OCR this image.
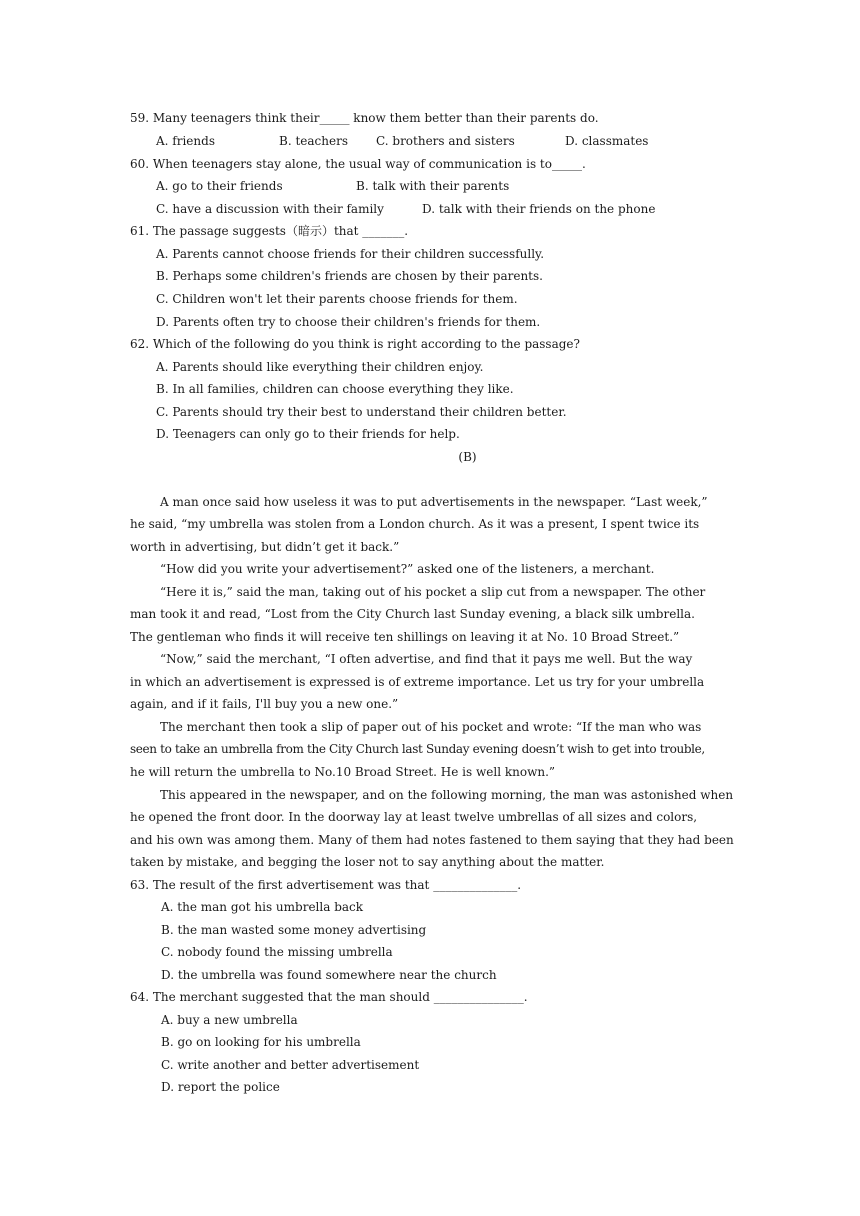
59. Many teenagers think their_____ know them better than their parents do.

A. friends

	B. teachers

C. brothers and sisters

	D. classmates

60. When teenagers stay alone, the usual way of communication is to_____.

A. go to their friends

	B. talk with their parents

C. have a discussion with their family

	D. talk with their friends on the phone

61. The passage suggests（暗示）that _______.
A. Parents cannot choose friends for their children successfully.
B. Perhaps some children's friends are chosen by their parents.
C. Children won't let their parents choose friends for them.
D. Parents often try to choose their children's friends for them.
62. Which of the following do you think is right according to the passage?
A. Parents should like everything their children enjoy.
B. In all families, children can choose everything they like.
C. Parents should try their best to understand their children better.
D. Teenagers can only go to their friends for help.
(B)
A man once said how useless it was to put advertisements in the newspaper. “Last week,”
he said, “my umbrella was stolen from a London church. As it was a present, I spent twice its
worth in advertising, but didn’t get it back.”
“How did you write your advertisement?” asked one of the listeners, a merchant.
“Here it is,” said the man, taking out of his pocket a slip cut from a newspaper. The other
man took it and read, “Lost from the City Church last Sunday evening, a black silk umbrella.
The gentleman who finds it will receive ten shillings on leaving it at No. 10 Broad Street.”
“Now,” said the merchant, “I often advertise, and find that it pays me well. But the way
in which an advertisement is expressed is of extreme importance. Let us try for your umbrella
again, and if it fails, I'll buy you a new one.”
The merchant then took a slip of paper out of his pocket and wrote: “If the man who was
seen to take an umbrella from the City Church last Sunday evening doesn’t wish to get into trouble,
he will return the umbrella to No.10 Broad Street. He is well known.”
This appeared in the newspaper, and on the following morning, the man was astonished when
he opened the front door. In the doorway lay at least twelve umbrellas of all sizes and colors,
and his own was among them. Many of them had notes fastened to them saying that they had been
taken by mistake, and begging the loser not to say anything about the matter.
63. The result of the first advertisement was that ______________.
A. the man got his umbrella back
B. the man wasted some money advertising
C. nobody found the missing umbrella
D. the umbrella was found somewhere near the church
64. The merchant suggested that the man should _______________.
A. buy a new umbrella
B. go on looking for his umbrella
C. write another and better advertisement
D. report the police
